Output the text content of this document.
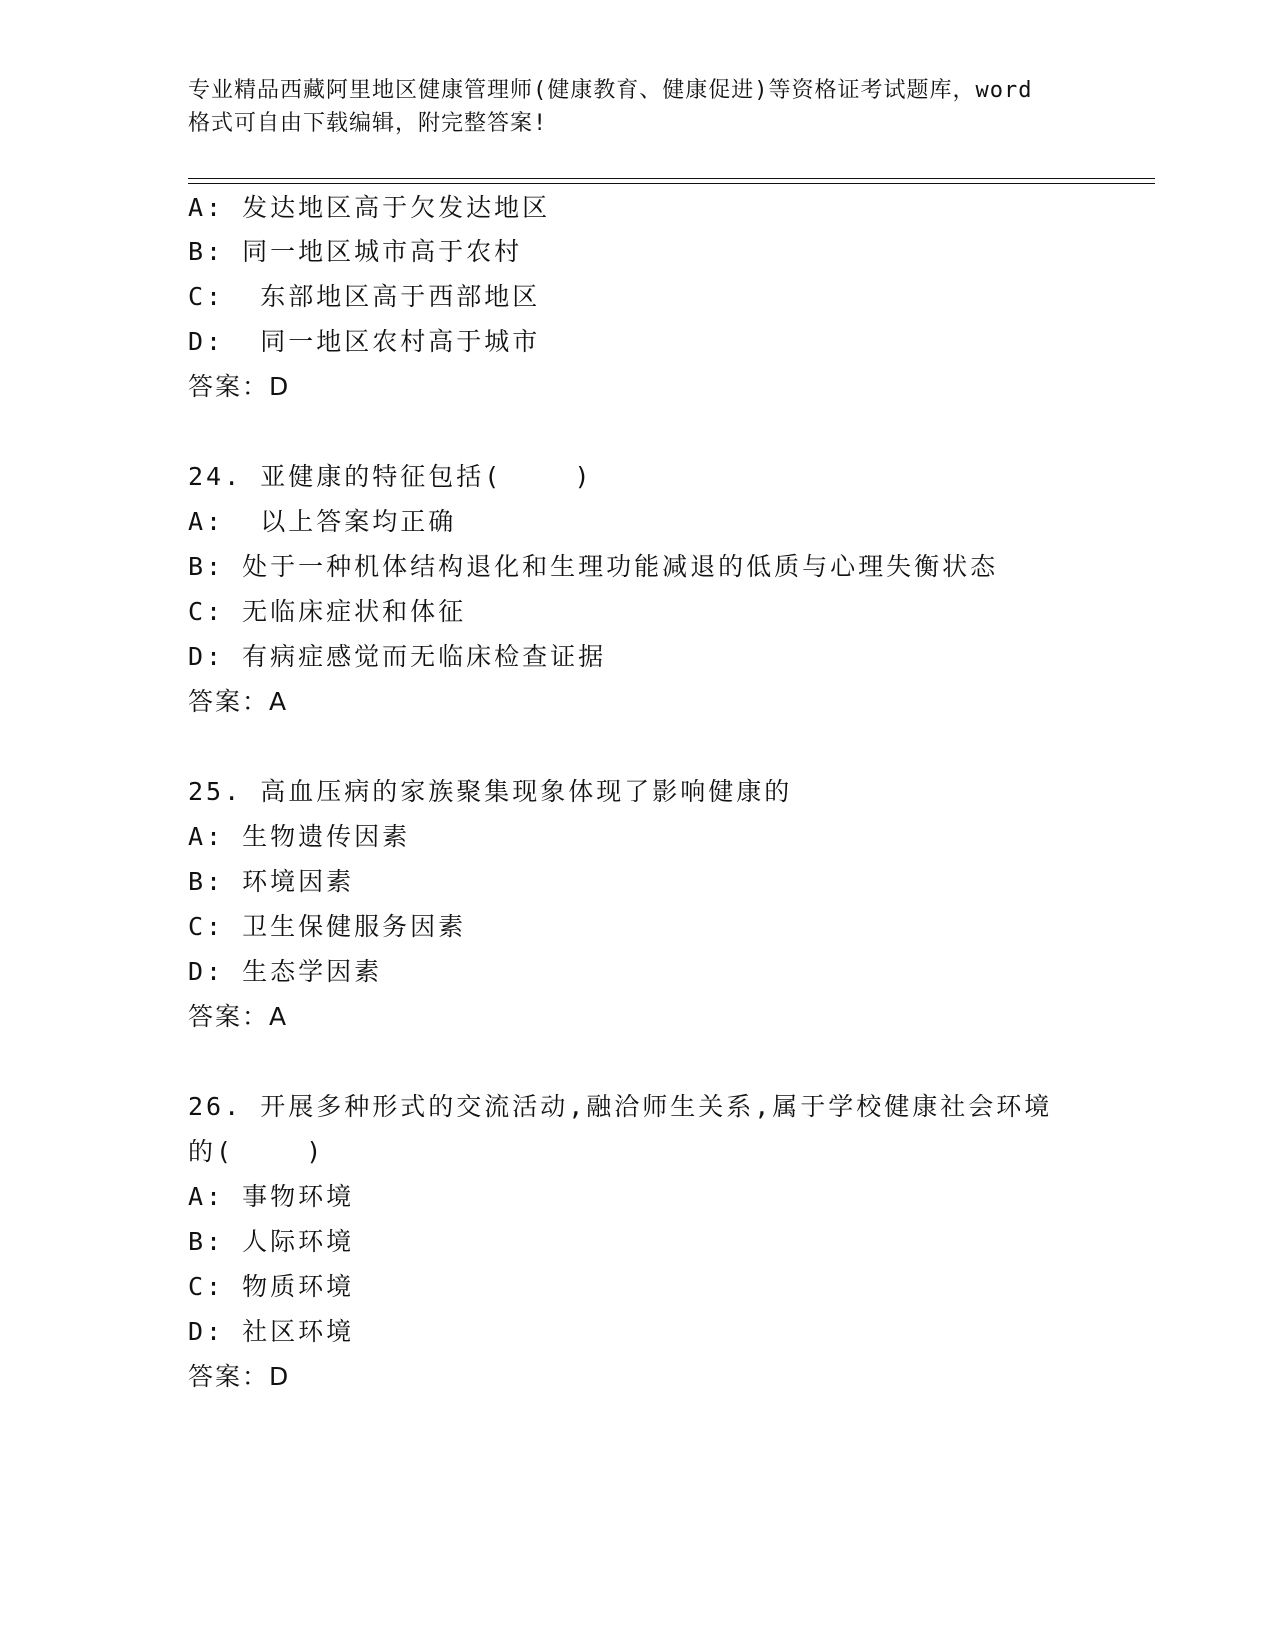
专业精品西藏阿里地区健康管理师(健康教育、健康促进)等资格证考试题库，word
格式可自由下载编辑，附完整答案!
A: 发达地区高于欠发达地区
B: 同一地区城市高于农村
C:  东部地区高于西部地区
D:  同一地区农村高于城市
答案：D
24. 亚健康的特征包括(    )
A:  以上答案均正确
B: 处于一种机体结构退化和生理功能减退的低质与心理失衡状态
C: 无临床症状和体征
D: 有病症感觉而无临床检查证据
答案：A
25. 高血压病的家族聚集现象体现了影响健康的
A: 生物遗传因素
B: 环境因素
C: 卫生保健服务因素
D: 生态学因素
答案：A
26. 开展多种形式的交流活动,融洽师生关系,属于学校健康社会环境
的(    )
A: 事物环境
B: 人际环境
C: 物质环境
D: 社区环境
答案：D
